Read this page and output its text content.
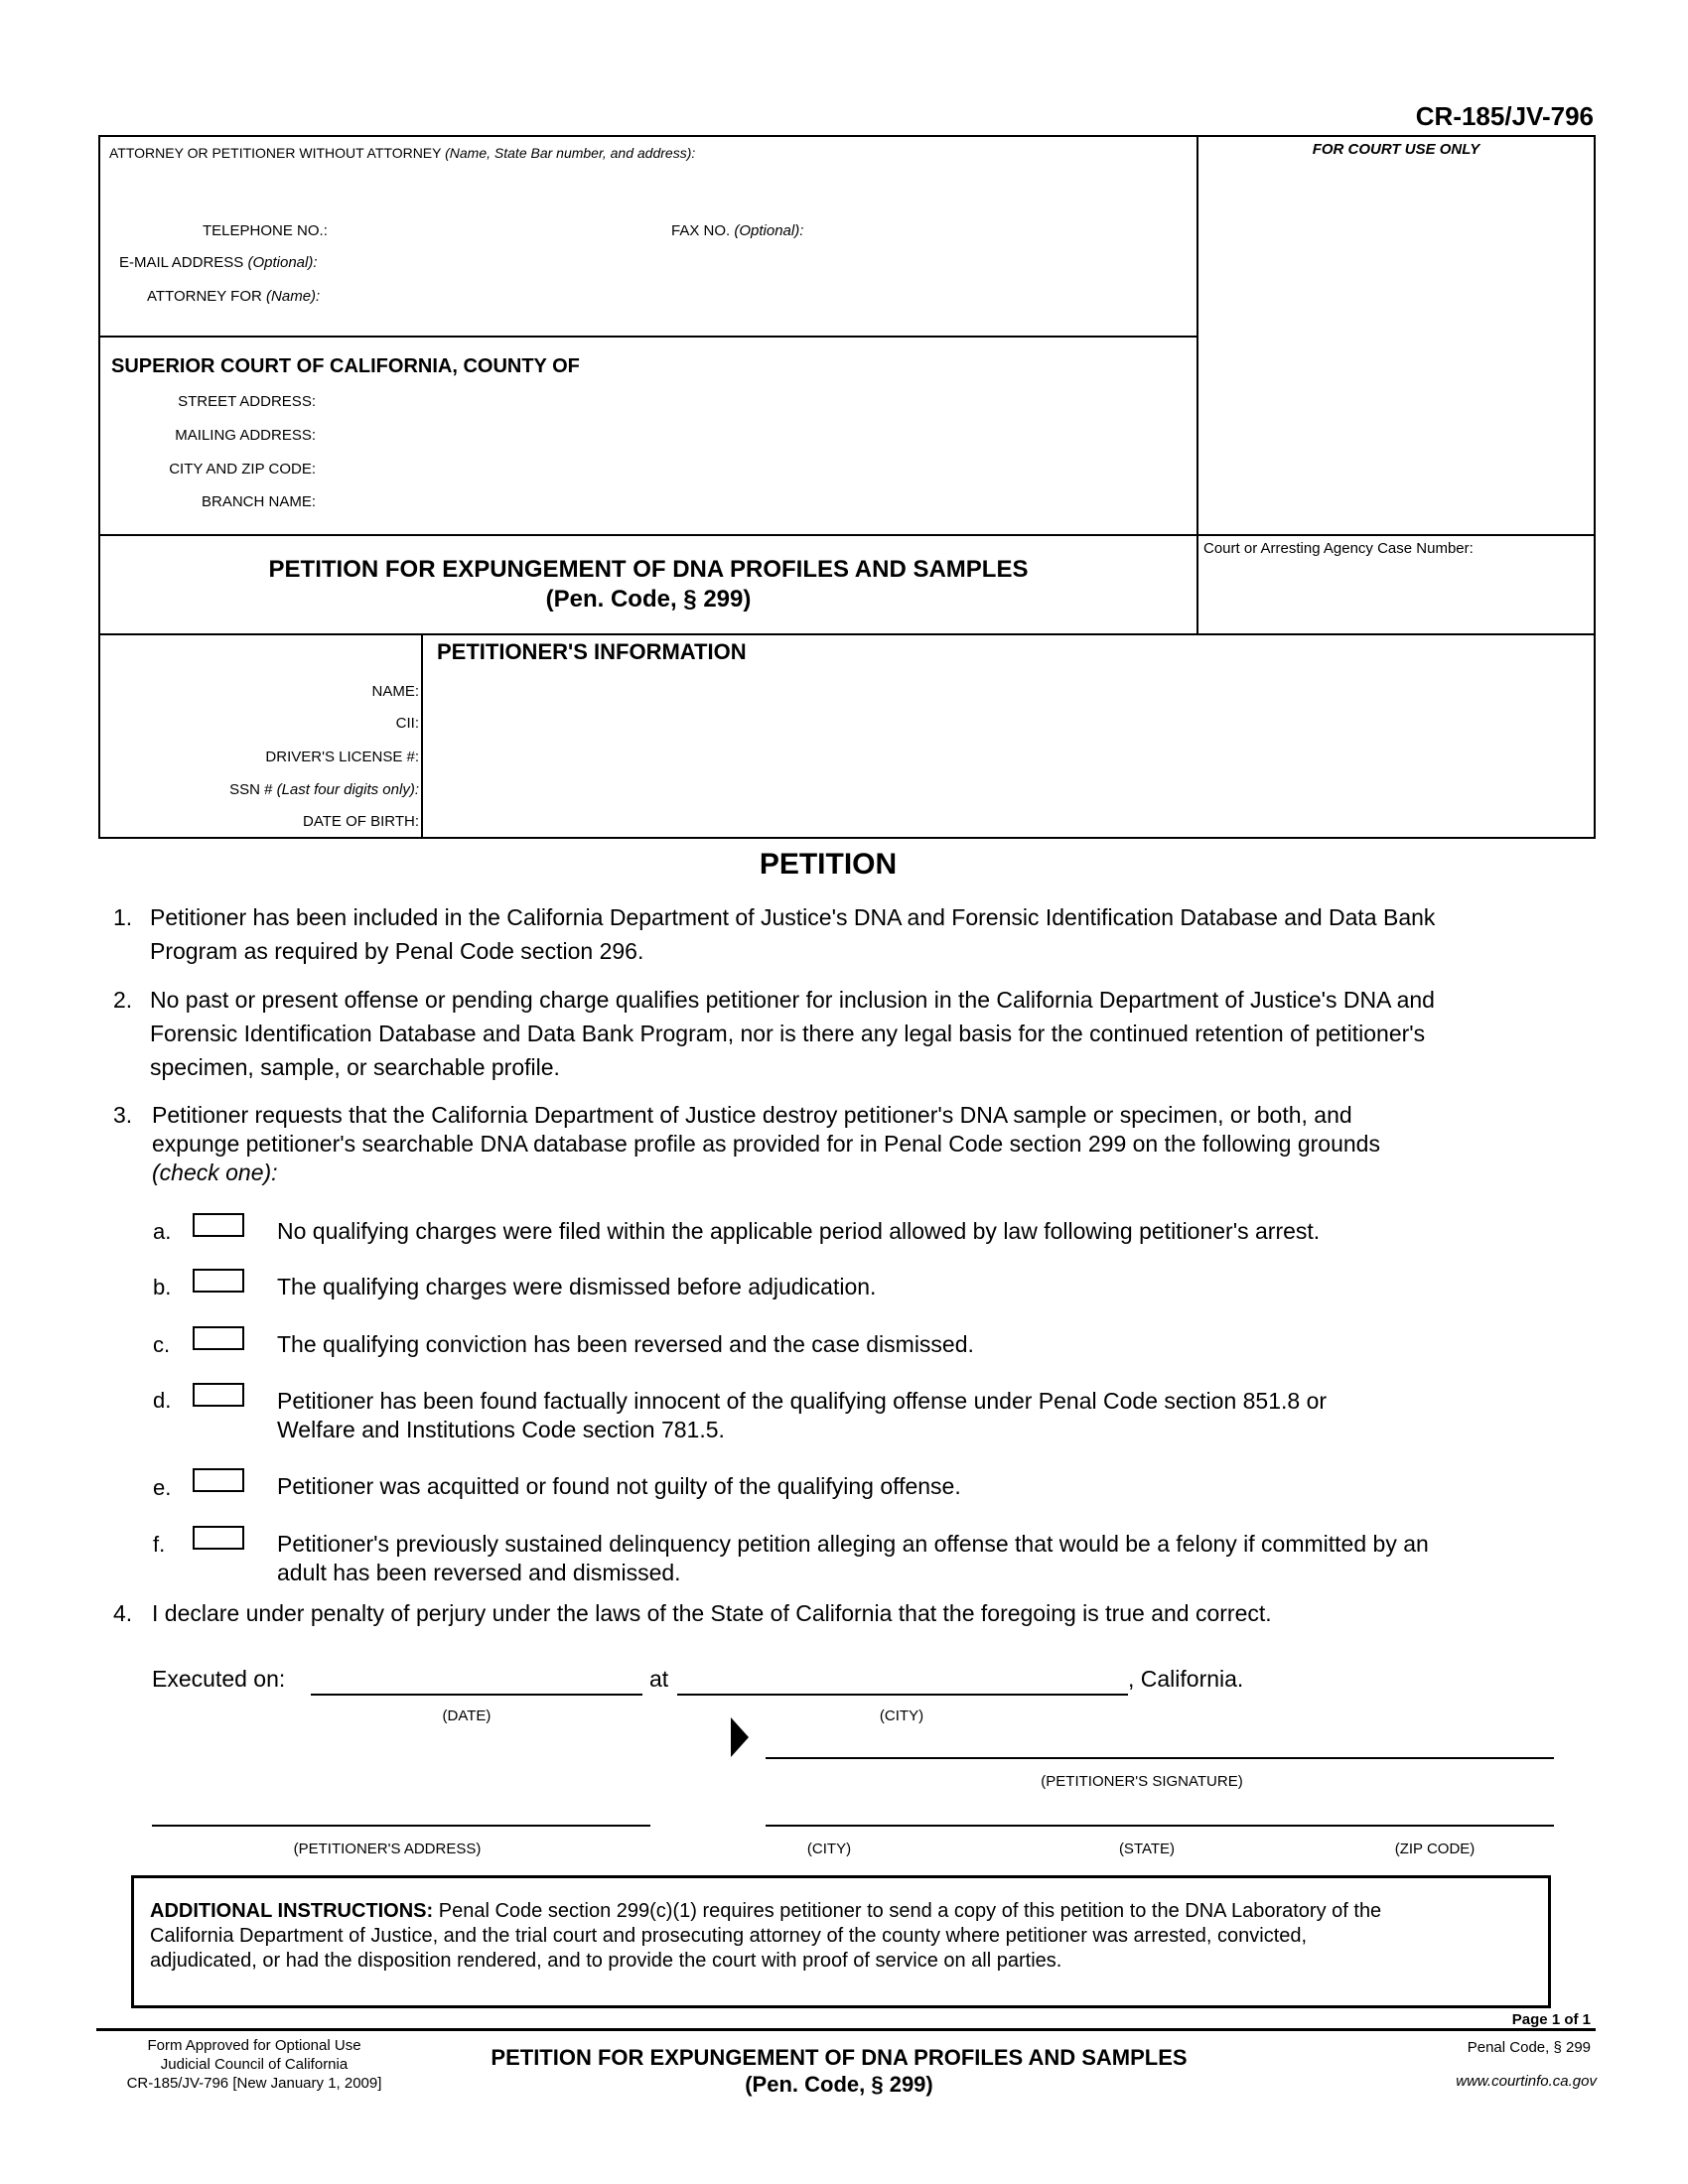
CR-185/JV-796
ATTORNEY OR PETITIONER WITHOUT ATTORNEY (Name, State Bar number, and address):
TELEPHONE NO.:	FAX NO. (Optional):
E-MAIL ADDRESS (Optional):
ATTORNEY FOR (Name):
FOR COURT USE ONLY
SUPERIOR COURT OF CALIFORNIA, COUNTY OF
STREET ADDRESS:
MAILING ADDRESS:
CITY AND ZIP CODE:
BRANCH NAME:
PETITION FOR EXPUNGEMENT OF DNA PROFILES AND SAMPLES
(Pen. Code, § 299)
Court or Arresting Agency Case Number:
PETITIONER'S INFORMATION
NAME:
CII:
DRIVER'S LICENSE #:
SSN # (Last four digits only):
DATE OF BIRTH:
PETITION
1. Petitioner has been included in the California Department of Justice's DNA and Forensic Identification Database and Data Bank
Program as required by Penal Code section 296.
2. No past or present offense or pending charge qualifies petitioner for inclusion in the California Department of Justice's DNA and
Forensic Identification Database and Data Bank Program, nor is there any legal basis for the continued retention of petitioner's
specimen, sample, or searchable profile.
3. Petitioner requests that the California Department of Justice destroy petitioner's DNA sample or specimen, or both, and
expunge petitioner's searchable DNA database profile as provided for in Penal Code section 299 on the following grounds
(check one):
a.	No qualifying charges were filed within the applicable period allowed by law following petitioner's arrest.
b.	The qualifying charges were dismissed before adjudication.
c.	The qualifying conviction has been reversed and the case dismissed.
d.	Petitioner has been found factually innocent of the qualifying offense under Penal Code section 851.8 or
Welfare and Institutions Code section 781.5.
e.	Petitioner was acquitted or found not guilty of the qualifying offense.
f.	Petitioner's previously sustained delinquency petition alleging an offense that would be a felony if committed by an
adult has been reversed and dismissed.
4. I declare under penalty of perjury under the laws of the State of California that the foregoing is true and correct.
Executed on:	at	, California.
(DATE)	(CITY)
(PETITIONER'S SIGNATURE)
(PETITIONER'S ADDRESS)	(CITY)	(STATE)	(ZIP CODE)
ADDITIONAL INSTRUCTIONS: Penal Code section 299(c)(1) requires petitioner to send a copy of this petition to the DNA Laboratory of the
California Department of Justice, and the trial court and prosecuting attorney of the county where petitioner was arrested, convicted,
adjudicated, or had the disposition rendered, and to provide the court with proof of service on all parties.
Page 1 of 1
Form Approved for Optional Use
Judicial Council of California
CR-185/JV-796 [New January 1, 2009]
PETITION FOR EXPUNGEMENT OF DNA PROFILES AND SAMPLES
(Pen. Code, § 299)
Penal Code, § 299
www.courtinfo.ca.gov
